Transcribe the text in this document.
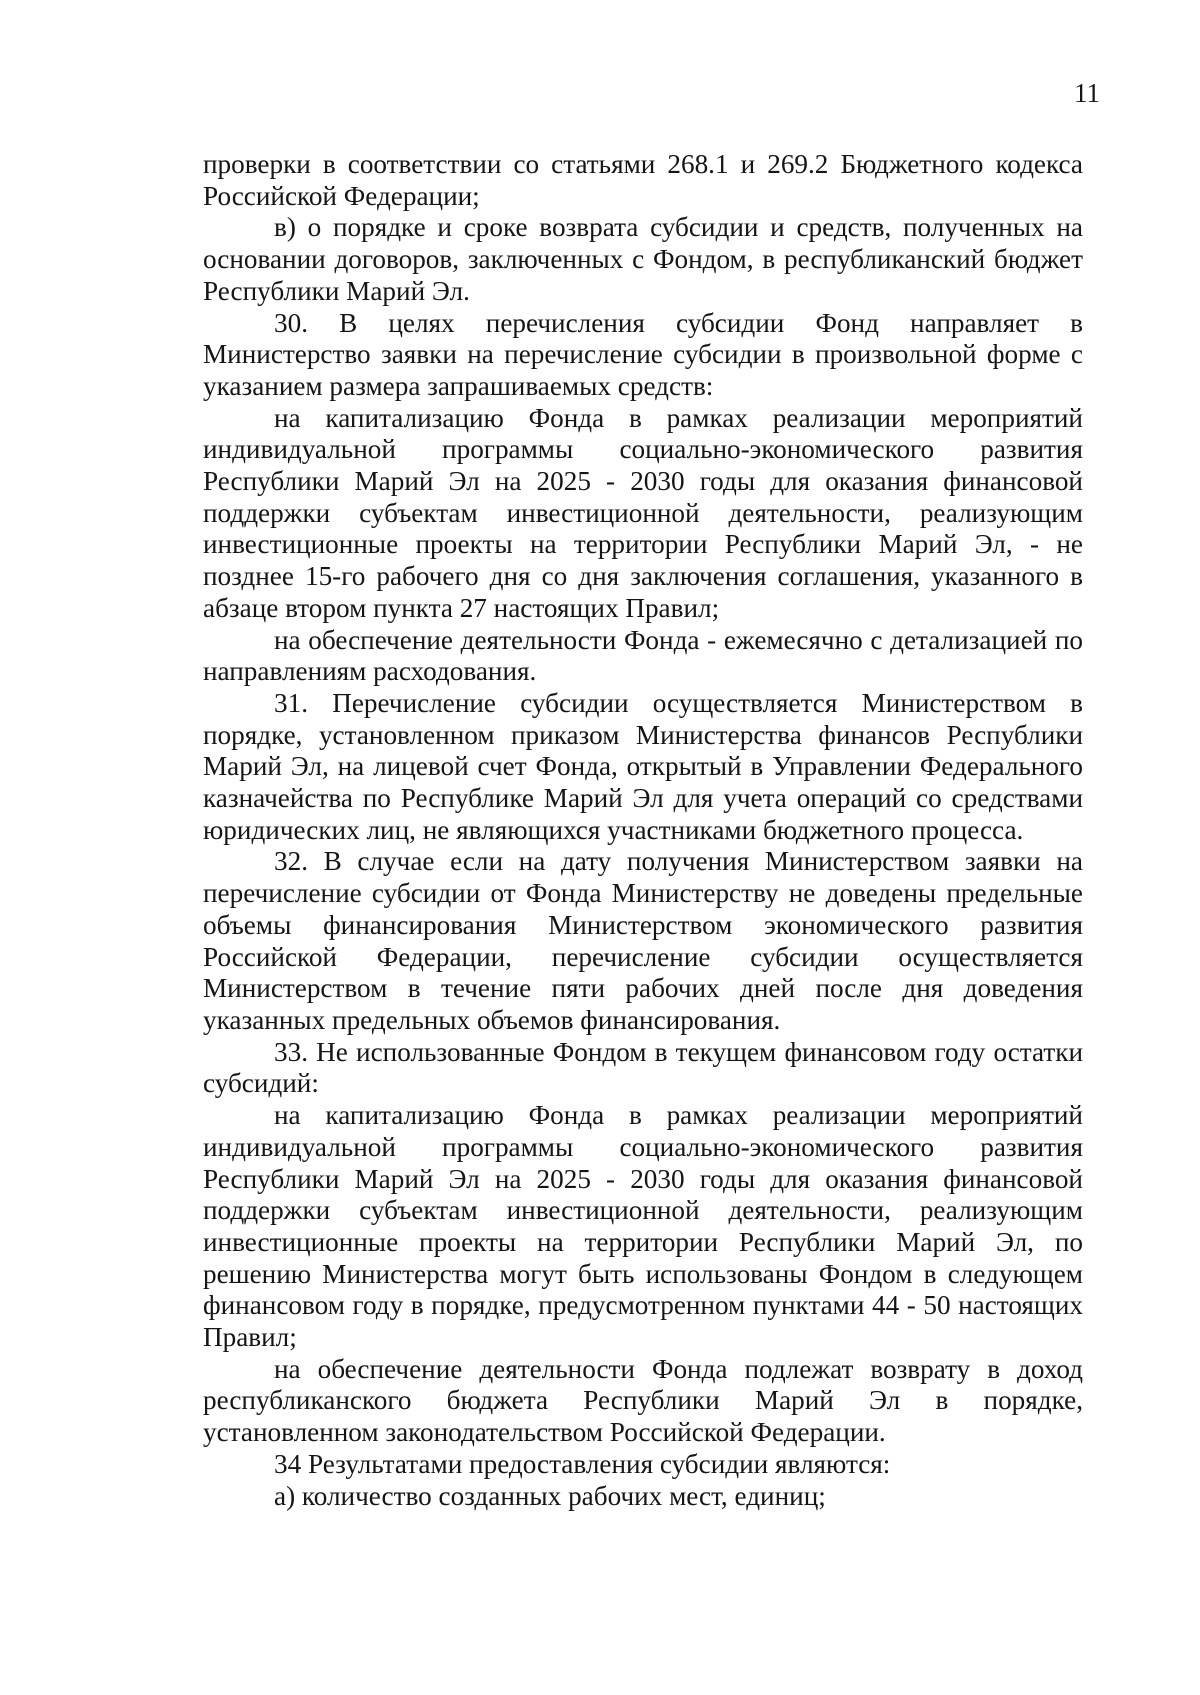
11

проверки в соответствии со статьями 268.1 и 269.2 Бюджетного кодекса Российской Федерации;

в) о порядке и сроке возврата субсидии и средств, полученных на основании договоров, заключенных с Фондом, в республиканский бюджет Республики Марий Эл.

30. В целях перечисления субсидии Фонд направляет в Министерство заявки на перечисление субсидии в произвольной форме с указанием размера запрашиваемых средств:

на капитализацию Фонда в рамках реализации мероприятий индивидуальной программы социально-экономического развития Республики Марий Эл на 2025 - 2030 годы для оказания финансовой поддержки субъектам инвестиционной деятельности, реализующим инвестиционные проекты на территории Республики Марий Эл, - не позднее 15-го рабочего дня со дня заключения соглашения, указанного в абзаце втором пункта 27 настоящих Правил;

на обеспечение деятельности Фонда - ежемесячно с детализацией по направлениям расходования.

31. Перечисление субсидии осуществляется Министерством в порядке, установленном приказом Министерства финансов Республики Марий Эл, на лицевой счет Фонда, открытый в Управлении Федерального казначейства по Республике Марий Эл для учета операций со средствами юридических лиц, не являющихся участниками бюджетного процесса.

32. В случае если на дату получения Министерством заявки на перечисление субсидии от Фонда Министерству не доведены предельные объемы финансирования Министерством экономического развития Российской Федерации, перечисление субсидии осуществляется Министерством в течение пяти рабочих дней после дня доведения указанных предельных объемов финансирования.

33. Не использованные Фондом в текущем финансовом году остатки субсидий:

на капитализацию Фонда в рамках реализации мероприятий индивидуальной программы социально-экономического развития Республики Марий Эл на 2025 - 2030 годы для оказания финансовой поддержки субъектам инвестиционной деятельности, реализующим инвестиционные проекты на территории Республики Марий Эл, по решению Министерства могут быть использованы Фондом в следующем финансовом году в порядке, предусмотренном пунктами 44 - 50 настоящих Правил;

на обеспечение деятельности Фонда подлежат возврату в доход республиканского бюджета Республики Марий Эл в порядке, установленном законодательством Российской Федерации.

34 Результатами предоставления субсидии являются:

а) количество созданных рабочих мест, единиц;
